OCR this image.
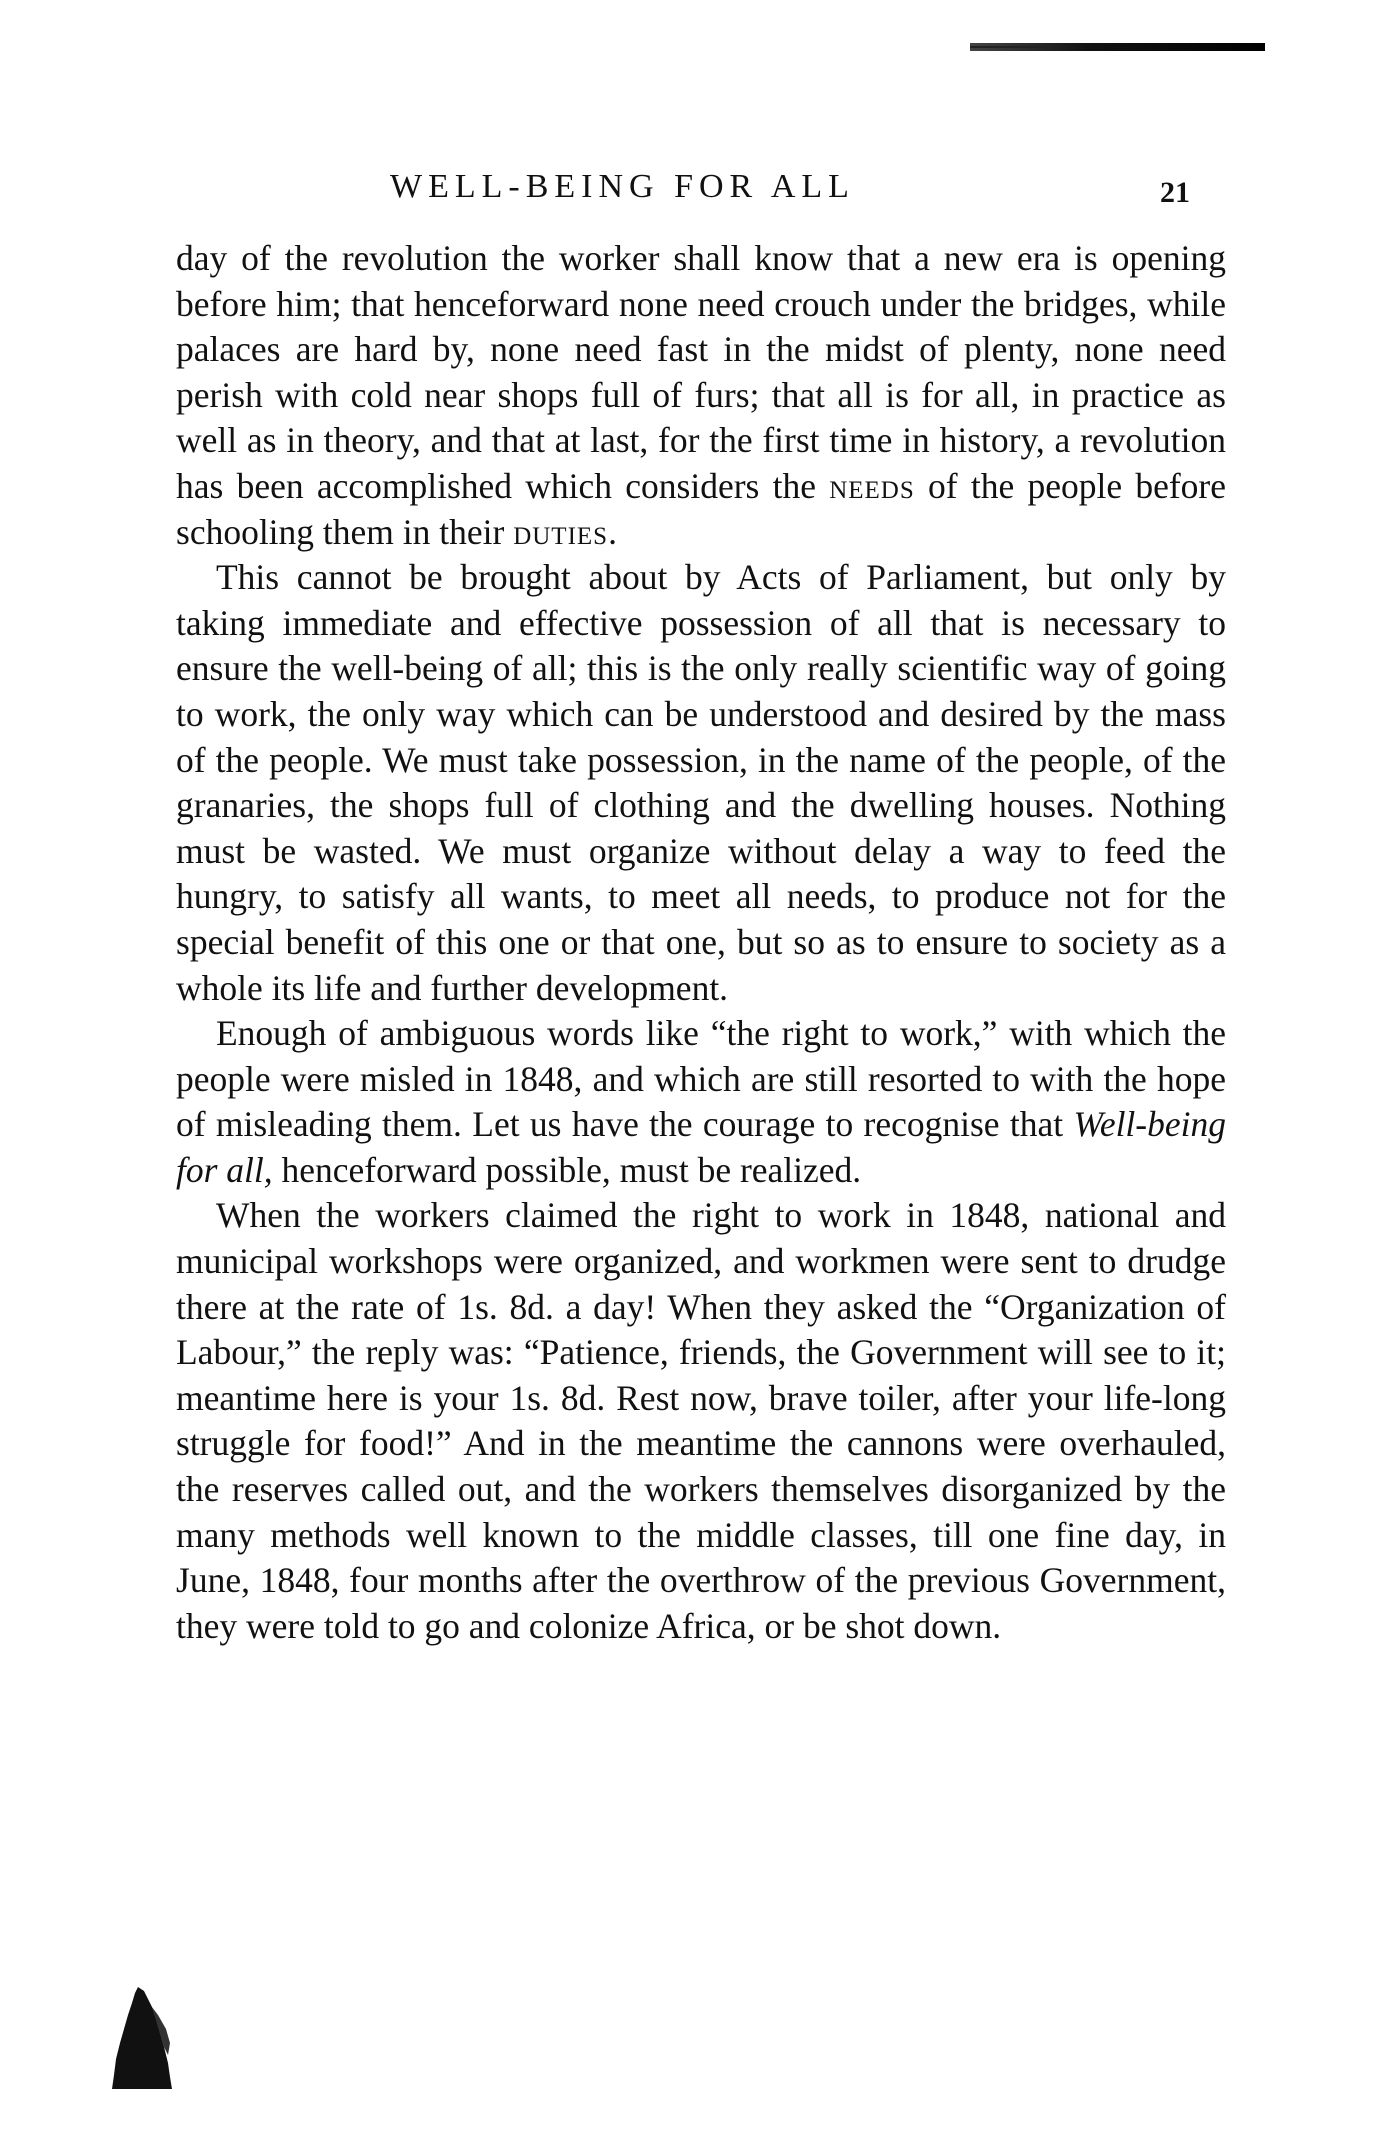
WELL-BEING FOR ALL	21

day of the revolution the worker shall know that a new era is opening before him; that henceforward none need crouch under the bridges, while palaces are hard by, none need fast in the midst of plenty, none need perish with cold near shops full of furs; that all is for all, in practice as well as in theory, and that at last, for the first time in history, a revolution has been accomplished which considers the needs of the people before schooling them in their duties.

This cannot be brought about by Acts of Parliament, but only by taking immediate and effective possession of all that is necessary to ensure the well-being of all; this is the only really scientific way of going to work, the only way which can be understood and desired by the mass of the people. We must take possession, in the name of the people, of the granaries, the shops full of clothing and the dwelling houses. Nothing must be wasted. We must organize without delay a way to feed the hungry, to satisfy all wants, to meet all needs, to produce not for the special benefit of this one or that one, but so as to ensure to society as a whole its life and further development.

Enough of ambiguous words like “the right to work,” with which the people were misled in 1848, and which are still resorted to with the hope of misleading them. Let us have the courage to recognise that Well-being for all, henceforward possible, must be realized.

When the workers claimed the right to work in 1848, national and municipal workshops were organized, and workmen were sent to drudge there at the rate of 1s. 8d. a day! When they asked the “Organization of Labour,” the reply was: “Patience, friends, the Government will see to it; meantime here is your 1s. 8d. Rest now, brave toiler, after your life-long struggle for food!” And in the meantime the cannons were overhauled, the reserves called out, and the workers themselves disorganized by the many methods well known to the middle classes, till one fine day, in June, 1848, four months after the overthrow of the previous Government, they were told to go and colonize Africa, or be shot down.
